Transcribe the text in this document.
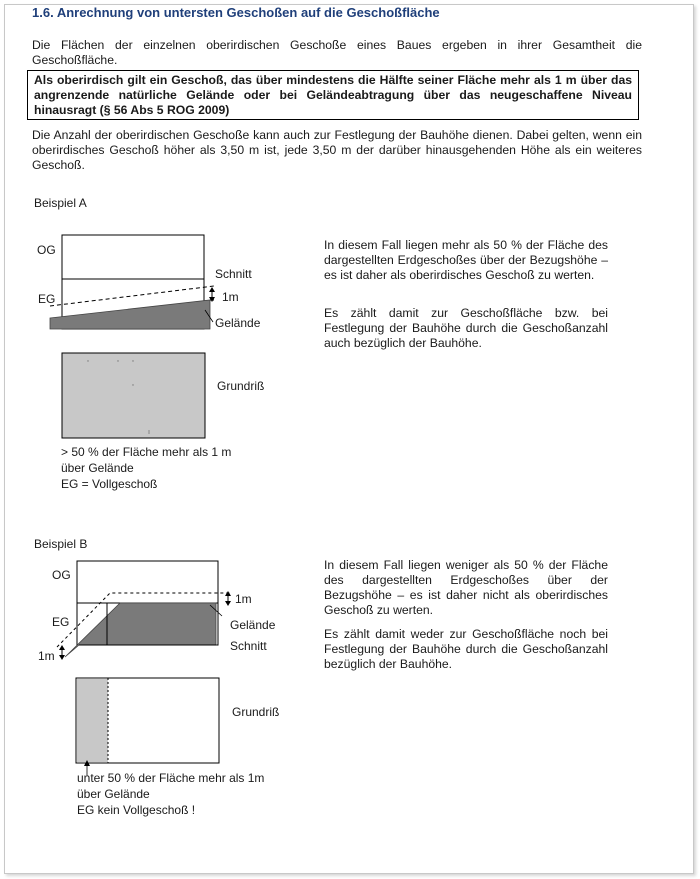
1.6. Anrechnung von untersten Geschoßen auf die Geschoßfläche
Die Flächen der einzelnen oberirdischen Geschoße eines Baues ergeben in ihrer Gesamtheit die Geschoßfläche.
Als oberirdisch gilt ein Geschoß, das über mindestens die Hälfte seiner Fläche mehr als 1 m über das angrenzende natürliche Gelände oder bei Geländeabtragung über das neugeschaffene Niveau hinausragt (§ 56 Abs 5 ROG 2009)
Die Anzahl der oberirdischen Geschoße kann auch zur Festlegung der Bauhöhe dienen. Dabei gelten, wenn ein oberirdisches Geschoß höher als 3,50 m ist, jede 3,50 m der darüber hinausgehenden Höhe als ein weiteres Geschoß.
Beispiel A
OG
EG
Schnitt
1m
Gelände
Grundriß
> 50 % der Fläche mehr als 1 m
über Gelände
EG = Vollgeschoß
In diesem Fall liegen mehr als 50 % der Fläche des dargestellten Erdgeschoßes über der Bezugshöhe – es ist daher als oberirdisches Geschoß zu werten.
Es zählt damit zur Geschoßfläche bzw. bei Festlegung der Bauhöhe durch die Geschoßanzahl auch bezüglich der Bauhöhe.
Beispiel B
OG
EG
1m
Gelände
Schnitt
1m
Grundriß
unter 50 % der Fläche mehr als 1m
über Gelände
EG kein Vollgeschoß !
In diesem Fall liegen weniger als 50 % der Fläche des dargestellten Erdgeschoßes über der Bezugshöhe – es ist daher nicht als oberirdisches Geschoß zu werten.
Es zählt damit weder zur Geschoßfläche noch bei Festlegung der Bauhöhe durch die Geschoßanzahl bezüglich der Bauhöhe.
